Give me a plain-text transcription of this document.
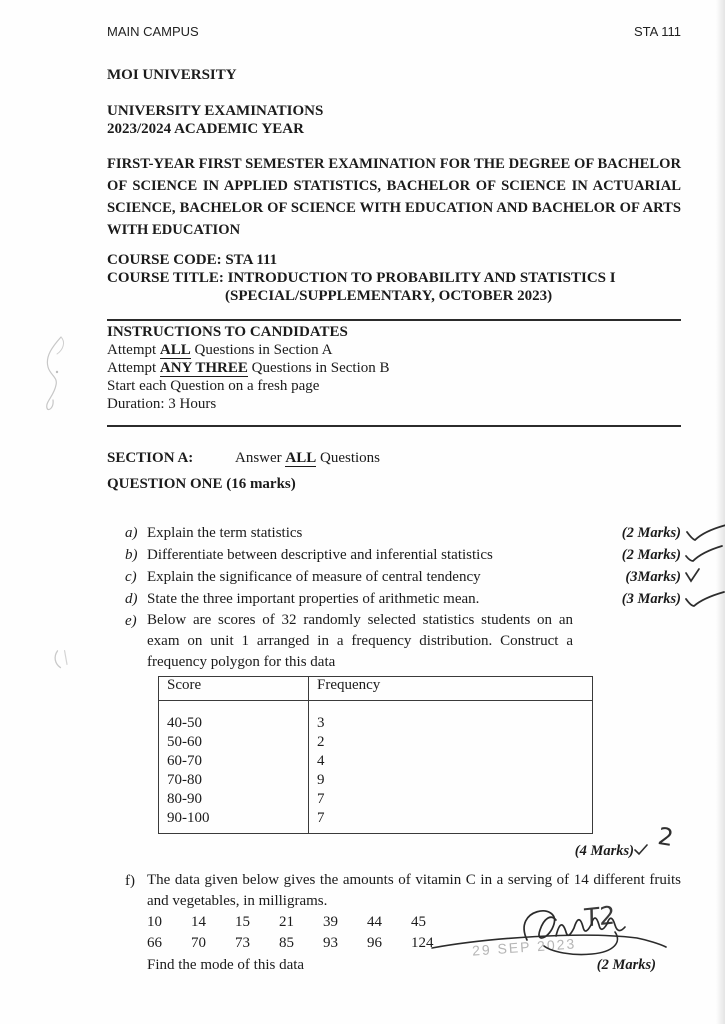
MAIN CAMPUS	STA 111
MOI UNIVERSITY
UNIVERSITY EXAMINATIONS
2023/2024 ACADEMIC YEAR
FIRST-YEAR FIRST SEMESTER EXAMINATION FOR THE DEGREE OF BACHELOR OF SCIENCE IN APPLIED STATISTICS, BACHELOR OF SCIENCE IN ACTUARIAL SCIENCE, BACHELOR OF SCIENCE WITH EDUCATION AND BACHELOR OF ARTS WITH EDUCATION
COURSE CODE: STA 111
COURSE TITLE: INTRODUCTION TO PROBABILITY AND STATISTICS I
(SPECIAL/SUPPLEMENTARY, OCTOBER 2023)
INSTRUCTIONS TO CANDIDATES
Attempt ALL Questions in Section A
Attempt ANY THREE Questions in Section B
Start each Question on a fresh page
Duration: 3 Hours
SECTION A:	Answer ALL Questions
QUESTION ONE (16 marks)
a) Explain the term statistics	(2 Marks)
b) Differentiate between descriptive and inferential statistics	(2 Marks)
c) Explain the significance of measure of central tendency	(3Marks)
d) State the three important properties of arithmetic mean.	(3 Marks)
e) Below are scores of 32 randomly selected statistics students on an exam on unit 1 arranged in a frequency distribution. Construct a frequency polygon for this data
Score	Frequency

40-50	3
50-60	2
60-70	4
70-80	9
80-90	7
90-100	7
(4 Marks) 2
f) The data given below gives the amounts of vitamin C in a serving of 14 different fruits and vegetables, in milligrams.
10 14 15 21 39 44 45
66 70 73 85 93 96 124
Find the mode of this data	(2 Marks)
29 SEP 2023
T2
